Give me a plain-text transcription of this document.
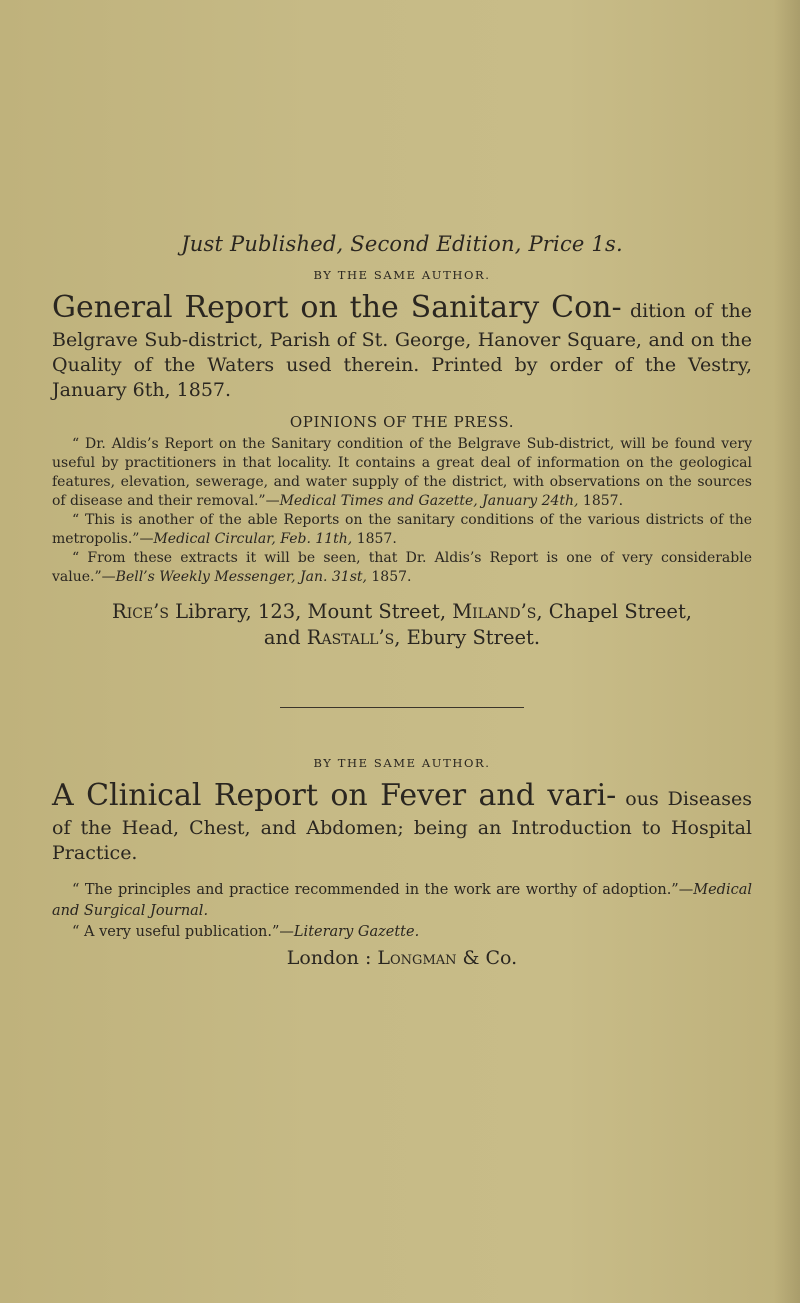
Just Published, Second Edition, Price 1s.

BY THE SAME AUTHOR.

General Report on the Sanitary Con- dition of the Belgrave Sub-district, Parish of St. George, Hanover Square, and on the Quality of the Waters used therein. Printed by order of the Vestry, January 6th, 1857.

OPINIONS OF THE PRESS.

“ Dr. Aldis’s Report on the Sanitary condition of the Belgrave Sub-district, will be found very useful by practitioners in that locality. It contains a great deal of information on the geological features, elevation, sewerage, and water supply of the district, with observations on the sources of disease and their removal.”—Medical Times and Gazette, January 24th, 1857.

“ This is another of the able Reports on the sanitary conditions of the various districts of the metropolis.”—Medical Circular, Feb. 11th, 1857.

“ From these extracts it will be seen, that Dr. Aldis’s Report is one of very considerable value.”—Bell’s Weekly Messenger, Jan. 31st, 1857.

Rice’s Library, 123, Mount Street, Miland’s, Chapel Street,
and Rastall’s, Ebury Street.

BY THE SAME AUTHOR.

A Clinical Report on Fever and vari- ous Diseases of the Head, Chest, and Abdomen; being an Introduction to Hospital Practice.

“ The principles and practice recommended in the work are worthy of adoption.”—Medical and Surgical Journal.

“ A very useful publication.”—Literary Gazette.

London : Longman & Co.
